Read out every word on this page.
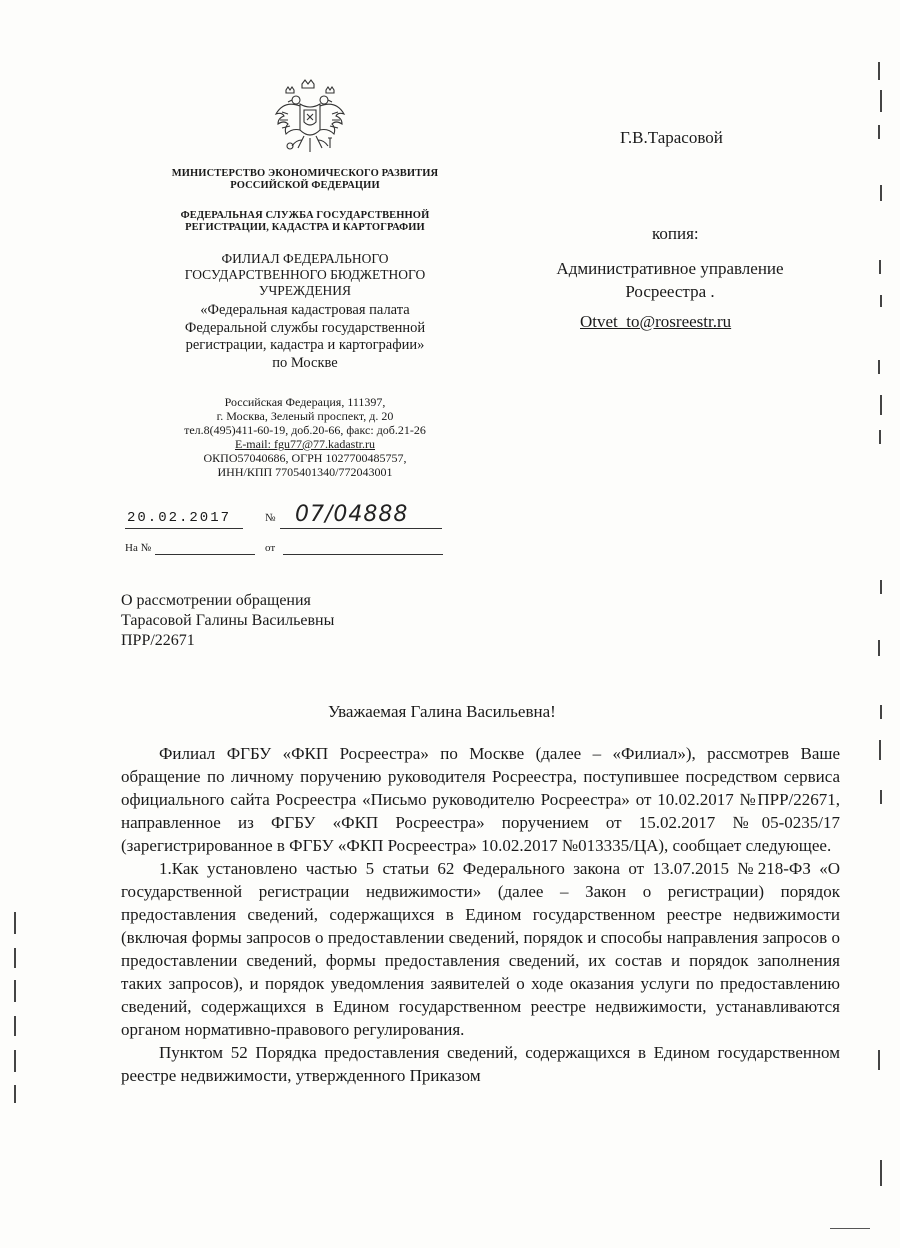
МИНИСТЕРСТВО ЭКОНОМИЧЕСКОГО РАЗВИТИЯ
РОССИЙСКОЙ ФЕДЕРАЦИИ
ФЕДЕРАЛЬНАЯ СЛУЖБА ГОСУДАРСТВЕННОЙ
РЕГИСТРАЦИИ, КАДАСТРА И КАРТОГРАФИИ
ФИЛИАЛ ФЕДЕРАЛЬНОГО
ГОСУДАРСТВЕННОГО БЮДЖЕТНОГО
УЧРЕЖДЕНИЯ
«Федеральная кадастровая палата
Федеральной службы государственной
регистрации, кадастра и картографии»
по Москве
Российская Федерация, 111397,
г. Москва, Зеленый проспект, д. 20
тел.8(495)411-60-19, доб.20-66, факс: доб.21-26
E-mail: fgu77@77.kadastr.ru
ОКПО57040686, ОГРН 1027700485757,
ИНН/КПП 7705401340/772043001
20.02.2017	№ 07/04888
На №	от
Г.В.Тарасовой
копия:
Административное управление
Росреестра .
Otvet_to@rosreestr.ru
О рассмотрении обращения
Тарасовой Галины Васильевны
ПРР/22671
Уважаемая Галина Васильевна!

Филиал ФГБУ «ФКП Росреестра» по Москве (далее – «Филиал»), рассмотрев Ваше обращение по личному поручению руководителя Росреестра, поступившее посредством сервиса официального сайта Росреестра «Письмо руководителю Росреестра» от 10.02.2017 №ПРР/22671, направленное из ФГБУ «ФКП Росреестра» поручением от 15.02.2017 №05-0235/17 (зарегистрированное в ФГБУ «ФКП Росреестра» 10.02.2017 №013335/ЦА), сообщает следующее.

1.Как установлено частью 5 статьи 62 Федерального закона от 13.07.2015 №218-ФЗ «О государственной регистрации недвижимости» (далее – Закон о регистрации) порядок предоставления сведений, содержащихся в Едином государственном реестре недвижимости (включая формы запросов о предоставлении сведений, порядок и способы направления запросов о предоставлении сведений, формы предоставления сведений, их состав и порядок заполнения таких запросов), и порядок уведомления заявителей о ходе оказания услуги по предоставлению сведений, содержащихся в Едином государственном реестре недвижимости, устанавливаются органом нормативно-правового регулирования.

Пунктом 52 Порядка предоставления сведений, содержащихся в Едином государственном реестре недвижимости, утвержденного Приказом
